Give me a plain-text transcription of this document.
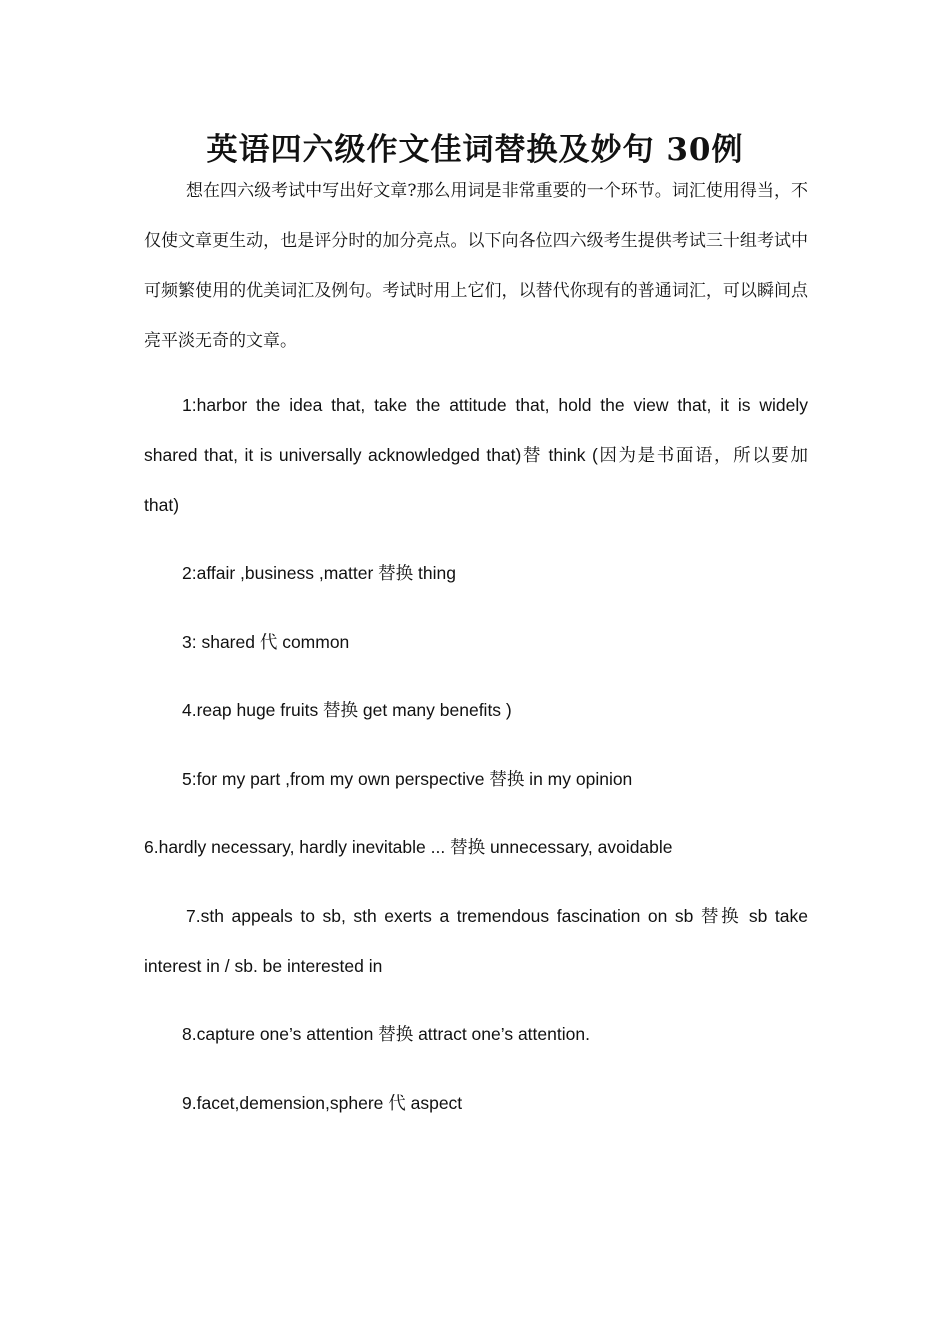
英语四六级作文佳词替换及妙句 30例

想在四六级考试中写出好文章?那么用词是非常重要的一个环节。词汇使用得当，不仅使文章更生动，也是评分时的加分亮点。以下向各位四六级考生提供考试三十组考试中可频繁使用的优美词汇及例句。考试时用上它们，以替代你现有的普通词汇，可以瞬间点亮平淡无奇的文章。

1:harbor the idea that, take the attitude that, hold the view that, it is widely shared that, it is universally acknowledged that)替 think (因为是书面语，所以要加 that)

2:affair ,business ,matter 替换 thing

3: shared 代 common

4.reap huge fruits 替换 get many benefits )

5:for my part ,from my own perspective 替换 in my opinion

6.hardly necessary, hardly inevitable ... 替换 unnecessary, avoidable

7.sth appeals to sb, sth exerts a tremendous fascination on sb 替换 sb take interest in / sb. be interested in

8.capture one’s attention 替换 attract one’s attention.

9.facet,demension,sphere 代 aspect
